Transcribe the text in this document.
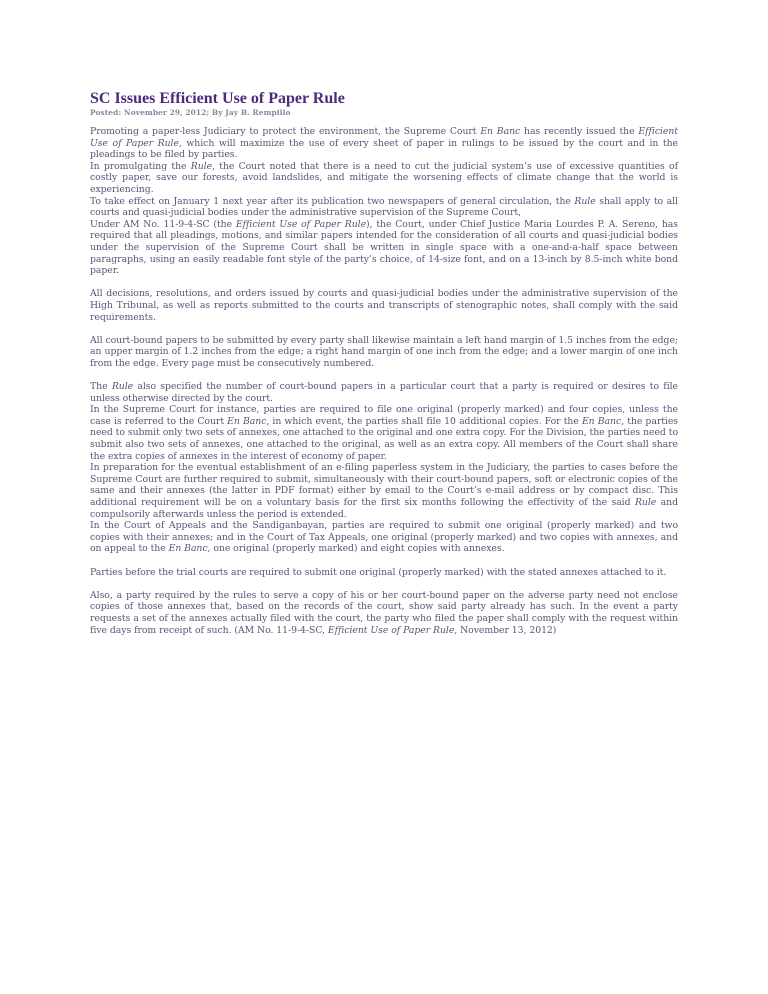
SC Issues Efficient Use of Paper Rule
Posted: November 29, 2012; By Jay B. Rempillo

Promoting a paper-less Judiciary to protect the environment, the Supreme Court En Banc has recently issued the Efficient Use of Paper Rule, which will maximize the use of every sheet of paper in rulings to be issued by the court and in the pleadings to be filed by parties.

In promulgating the Rule, the Court noted that there is a need to cut the judicial system’s use of excessive quantities of costly paper, save our forests, avoid landslides, and mitigate the worsening effects of climate change that the world is experiencing.

To take effect on January 1 next year after its publication two newspapers of general circulation, the Rule shall apply to all courts and quasi-judicial bodies under the administrative supervision of the Supreme Court,

Under AM No. 11-9-4-SC (the Efficient Use of Paper Rule), the Court, under Chief Justice Maria Lourdes P. A. Sereno, has required that all pleadings, motions, and similar papers intended for the consideration of all courts and quasi-judicial bodies under the supervision of the Supreme Court shall be written in single space with a one-and-a-half space between paragraphs, using an easily readable font style of the party’s choice, of 14-size font, and on a 13-inch by 8.5-inch white bond paper.

All decisions, resolutions, and orders issued by courts and quasi-judicial bodies under the administrative supervision of the High Tribunal, as well as reports submitted to the courts and transcripts of stenographic notes, shall comply with the said requirements.

All court-bound papers to be submitted by every party shall likewise maintain a left hand margin of 1.5 inches from the edge; an upper margin of 1.2 inches from the edge; a right hand margin of one inch from the edge; and a lower margin of one inch from the edge. Every page must be consecutively numbered.

The Rule also specified the number of court-bound papers in a particular court that a party is required or desires to file unless otherwise directed by the court.

In the Supreme Court for instance, parties are required to file one original (properly marked) and four copies, unless the case is referred to the Court En Banc, in which event, the parties shall file 10 additional copies. For the En Banc, the parties need to submit only two sets of annexes, one attached to the original and one extra copy. For the Division, the parties need to submit also two sets of annexes, one attached to the original, as well as an extra copy. All members of the Court shall share the extra copies of annexes in the interest of economy of paper.

In preparation for the eventual establishment of an e-filing paperless system in the Judiciary, the parties to cases before the Supreme Court are further required to submit, simultaneously with their court-bound papers, soft or electronic copies of the same and their annexes (the latter in PDF format) either by email to the Court’s e-mail address or by compact disc. This additional requirement will be on a voluntary basis for the first six months following the effectivity of the said Rule and compulsorily afterwards unless the period is extended.

In the Court of Appeals and the Sandiganbayan, parties are required to submit one original (properly marked) and two copies with their annexes; and in the Court of Tax Appeals, one original (properly marked) and two copies with annexes, and on appeal to the En Banc, one original (properly marked) and eight copies with annexes.

Parties before the trial courts are required to submit one original (properly marked) with the stated annexes attached to it.

Also, a party required by the rules to serve a copy of his or her court-bound paper on the adverse party need not enclose copies of those annexes that, based on the records of the court, show said party already has such. In the event a party requests a set of the annexes actually filed with the court, the party who filed the paper shall comply with the request within five days from receipt of such. (AM No. 11-9-4-SC, Efficient Use of Paper Rule, November 13, 2012)
